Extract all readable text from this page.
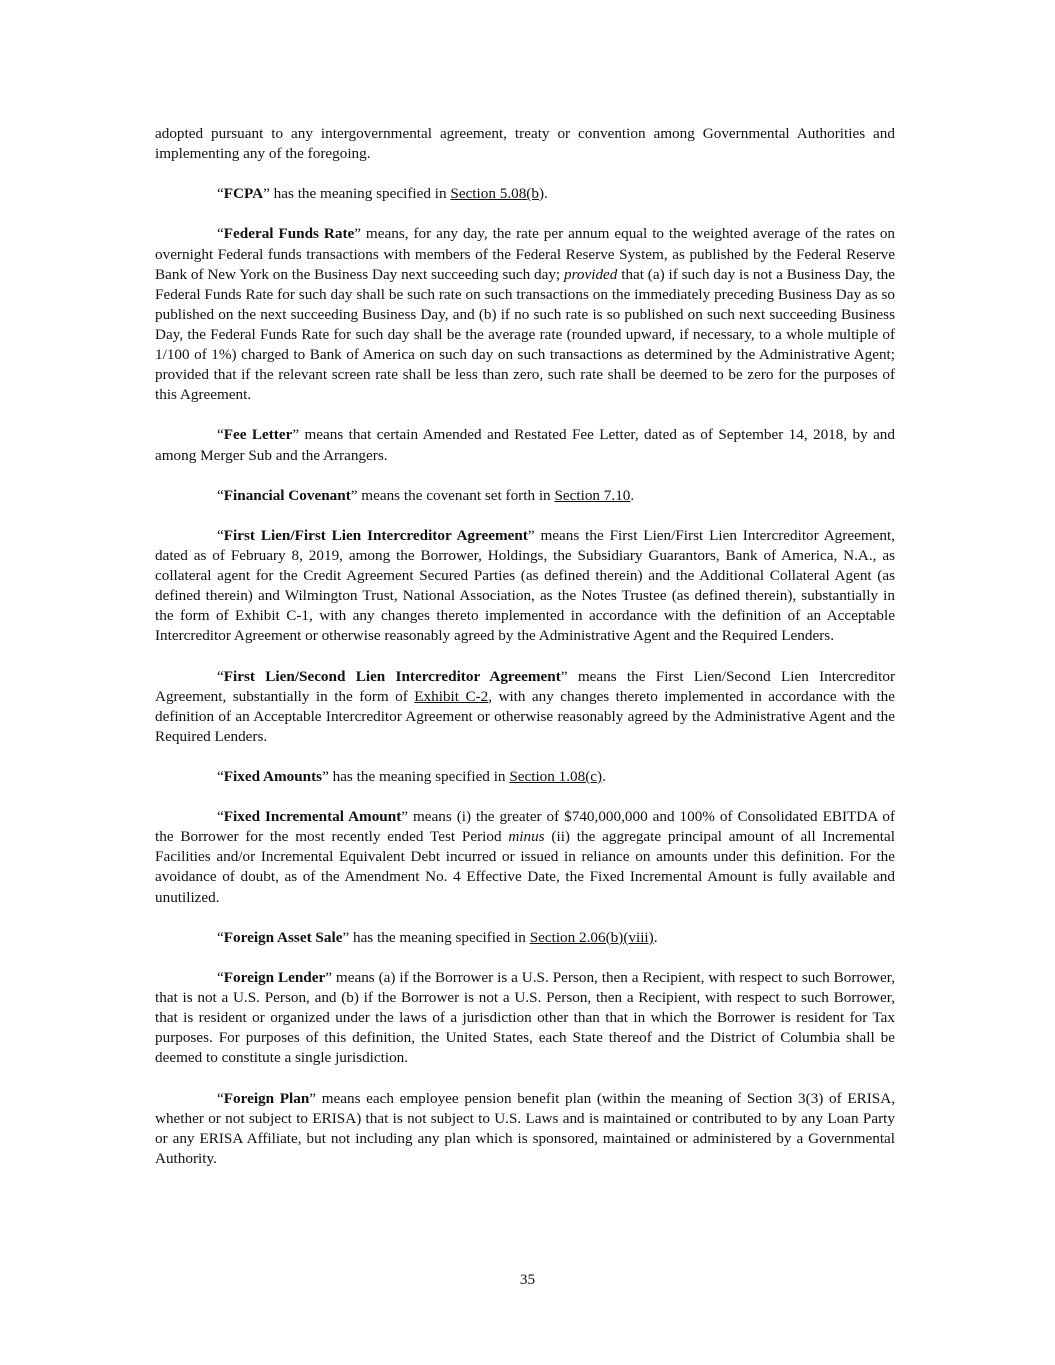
adopted pursuant to any intergovernmental agreement, treaty or convention among Governmental Authorities and implementing any of the foregoing.

“FCPA” has the meaning specified in Section 5.08(b).

“Federal Funds Rate” means, for any day, the rate per annum equal to the weighted average of the rates on overnight Federal funds transactions with members of the Federal Reserve System, as published by the Federal Reserve Bank of New York on the Business Day next succeeding such day; provided that (a) if such day is not a Business Day, the Federal Funds Rate for such day shall be such rate on such transactions on the immediately preceding Business Day as so published on the next succeeding Business Day, and (b) if no such rate is so published on such next succeeding Business Day, the Federal Funds Rate for such day shall be the average rate (rounded upward, if necessary, to a whole multiple of 1/100 of 1%) charged to Bank of America on such day on such transactions as determined by the Administrative Agent; provided that if the relevant screen rate shall be less than zero, such rate shall be deemed to be zero for the purposes of this Agreement.

“Fee Letter” means that certain Amended and Restated Fee Letter, dated as of September 14, 2018, by and among Merger Sub and the Arrangers.

“Financial Covenant” means the covenant set forth in Section 7.10.

“First Lien/First Lien Intercreditor Agreement” means the First Lien/First Lien Intercreditor Agreement, dated as of February 8, 2019, among the Borrower, Holdings, the Subsidiary Guarantors, Bank of America, N.A., as collateral agent for the Credit Agreement Secured Parties (as defined therein) and the Additional Collateral Agent (as defined therein) and Wilmington Trust, National Association, as the Notes Trustee (as defined therein), substantially in the form of Exhibit C-1, with any changes thereto implemented in accordance with the definition of an Acceptable Intercreditor Agreement or otherwise reasonably agreed by the Administrative Agent and the Required Lenders.

“First Lien/Second Lien Intercreditor Agreement” means the First Lien/Second Lien Intercreditor Agreement, substantially in the form of Exhibit C-2, with any changes thereto implemented in accordance with the definition of an Acceptable Intercreditor Agreement or otherwise reasonably agreed by the Administrative Agent and the Required Lenders.

“Fixed Amounts” has the meaning specified in Section 1.08(c).

“Fixed Incremental Amount” means (i) the greater of $740,000,000 and 100% of Consolidated EBITDA of the Borrower for the most recently ended Test Period minus (ii) the aggregate principal amount of all Incremental Facilities and/or Incremental Equivalent Debt incurred or issued in reliance on amounts under this definition. For the avoidance of doubt, as of the Amendment No. 4 Effective Date, the Fixed Incremental Amount is fully available and unutilized.

“Foreign Asset Sale” has the meaning specified in Section 2.06(b)(viii).

“Foreign Lender” means (a) if the Borrower is a U.S. Person, then a Recipient, with respect to such Borrower, that is not a U.S. Person, and (b) if the Borrower is not a U.S. Person, then a Recipient, with respect to such Borrower, that is resident or organized under the laws of a jurisdiction other than that in which the Borrower is resident for Tax purposes. For purposes of this definition, the United States, each State thereof and the District of Columbia shall be deemed to constitute a single jurisdiction.

“Foreign Plan” means each employee pension benefit plan (within the meaning of Section 3(3) of ERISA, whether or not subject to ERISA) that is not subject to U.S. Laws and is maintained or contributed to by any Loan Party or any ERISA Affiliate, but not including any plan which is sponsored, maintained or administered by a Governmental Authority.

35
